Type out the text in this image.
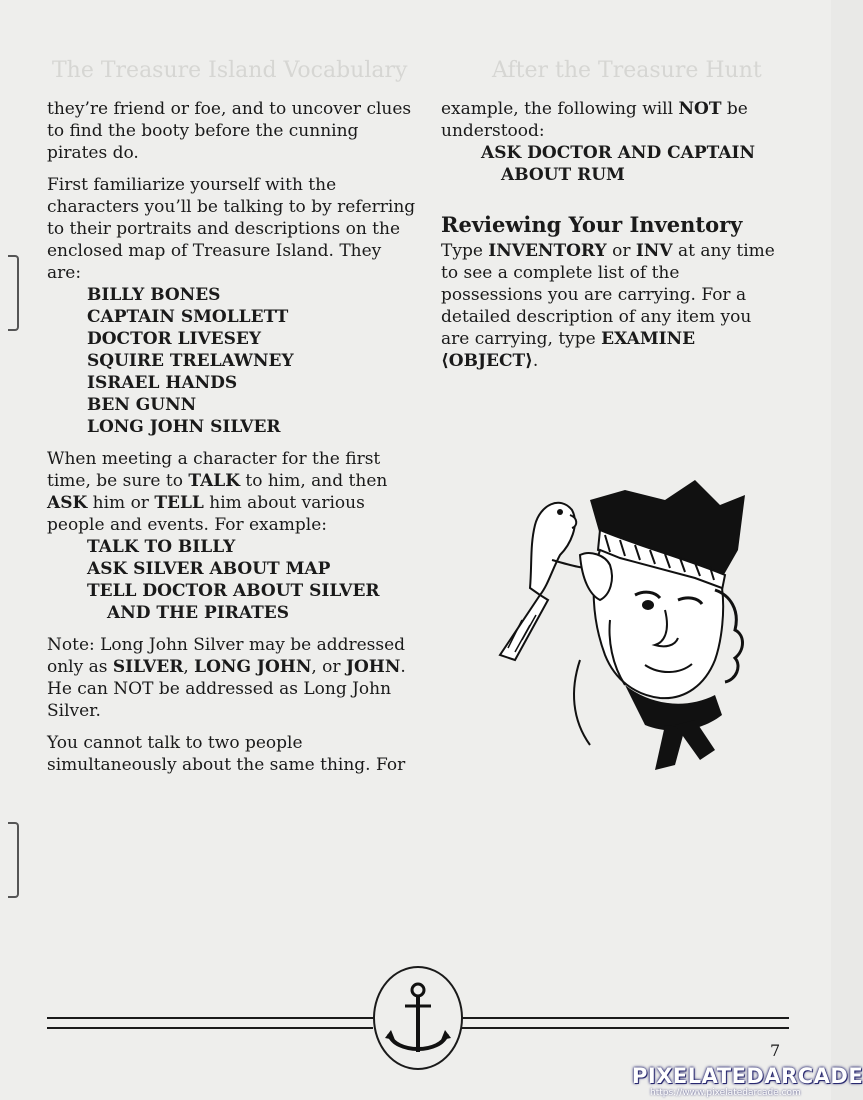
The Treasure Island Vocabulary	After the Treasure Hunt

they’re friend or foe, and to uncover clues to find the booty before the cunning pirates do.

First familiarize yourself with the characters you’ll be talking to by referring to their portraits and descriptions on the enclosed map of Treasure Island. They are:

BILLY BONES
CAPTAIN SMOLLETT
DOCTOR LIVESEY
SQUIRE TRELAWNEY
ISRAEL HANDS
BEN GUNN
LONG JOHN SILVER

When meeting a character for the first time, be sure to TALK to him, and then ASK him or TELL him about various people and events. For example:

TALK TO BILLY
ASK SILVER ABOUT MAP
TELL DOCTOR ABOUT SILVER
AND THE PIRATES

Note: Long John Silver may be addressed only as SILVER, LONG JOHN, or JOHN. He can NOT be addressed as Long John Silver.

You cannot talk to two people simultaneously about the same thing. For

example, the following will NOT be understood:

ASK DOCTOR AND CAPTAIN
ABOUT RUM
Reviewing Your Inventory

Type INVENTORY or INV at any time to see a complete list of the possessions you are carrying. For a detailed description of any item you are carrying, type EXAMINE
⟨OBJECT⟩.

7
PIXELATEDARCADE
https://www.pixelatedarcade.com
